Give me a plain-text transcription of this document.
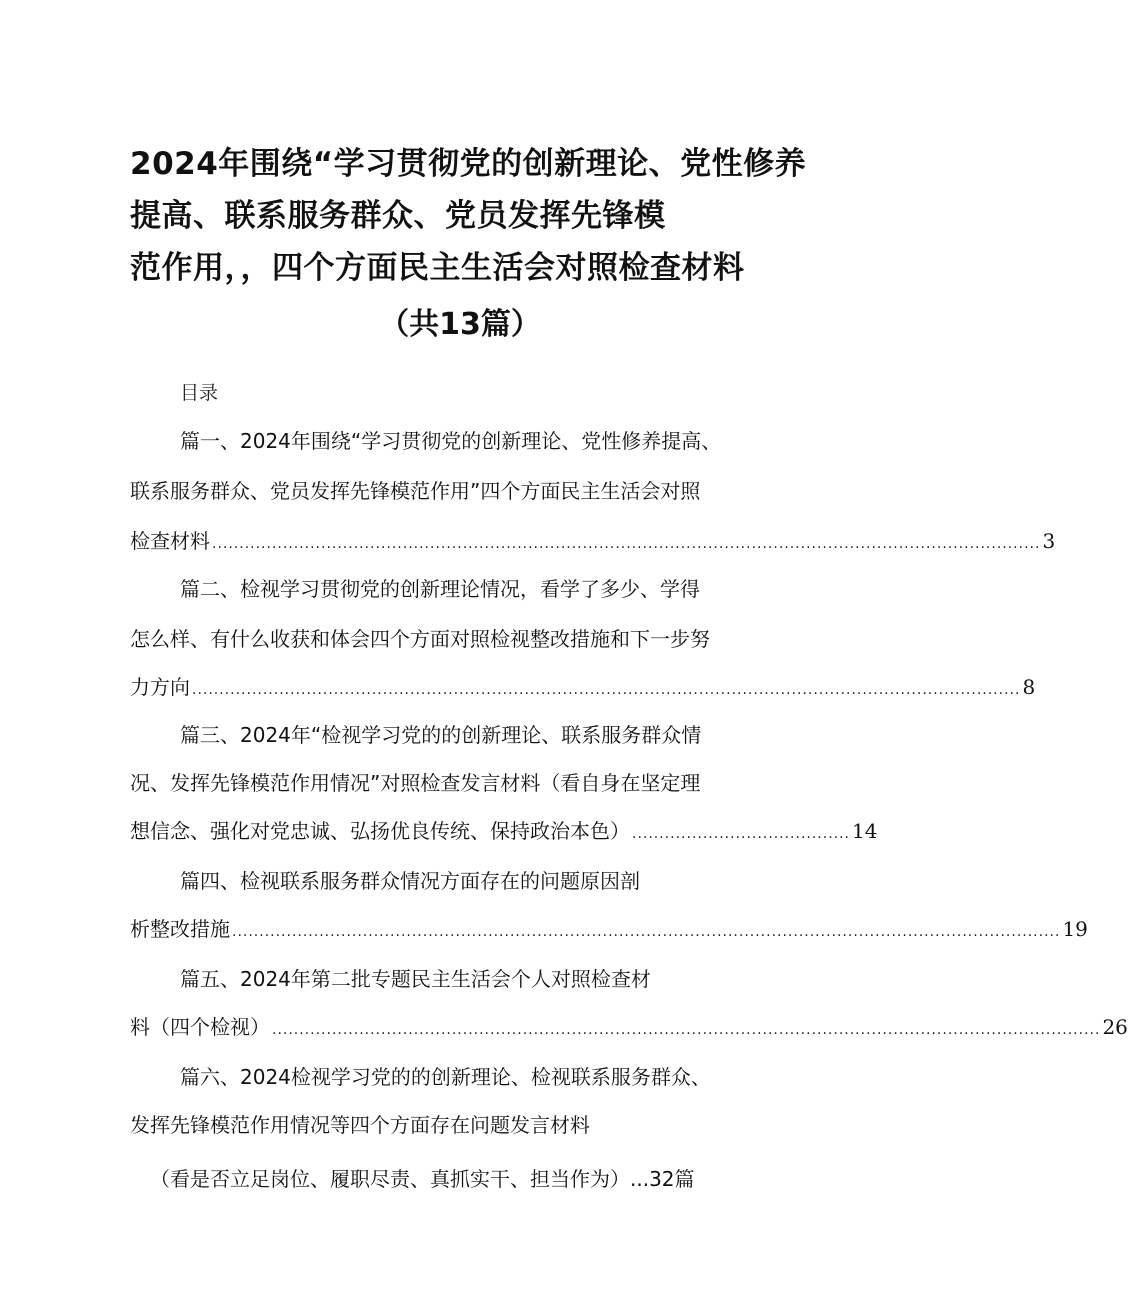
2024年围绕“学习贯彻党的创新理论、党性修养
提高、联系服务群众、党员发挥先锋模
范作用，，四个方面民主生活会对照检查材料
（共13篇）
目录
篇一、2024年围绕“学习贯彻党的创新理论、党性修养提高、
联系服务群众、党员发挥先锋模范作用”四个方面民主生活会对照
检查材料 ........................................................................................................................................................ 3
篇二、检视学习贯彻党的创新理论情况，看学了多少、学得
怎么样、有什么收获和体会四个方面对照检视整改措施和下一步努
力方向 ........................................................................................................................................................ 8
篇三、2024年“检视学习党的的创新理论、联系服务群众情
况、发挥先锋模范作用情况”对照检查发言材料（看自身在坚定理
想信念、强化对党忠诚、弘扬优良传统、保持政治本色） ........................................ 14
篇四、检视联系服务群众情况方面存在的问题原因剖
析整改措施 ........................................................................................................................................................ 19
篇五、2024年第二批专题民主生活会个人对照检查材
料（四个检视） ........................................................................................................................................................ 26
篇六、2024检视学习党的的创新理论、检视联系服务群众、
发挥先锋模范作用情况等四个方面存在问题发言材料
（看是否立足岗位、履职尽责、真抓实干、担当作为）...32篇
